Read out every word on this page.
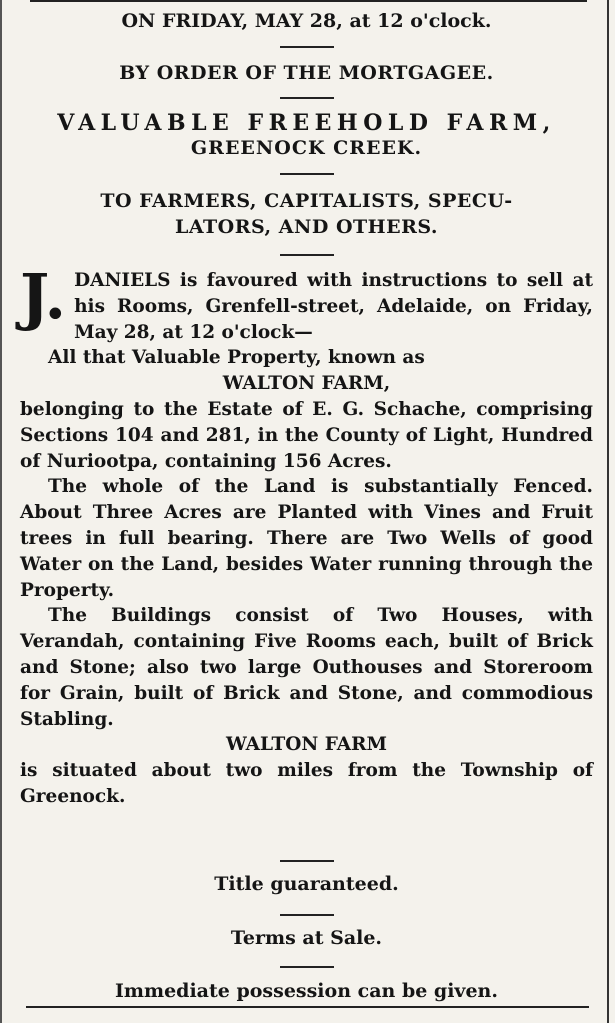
ON FRIDAY, MAY 28, at 12 o'clock.
BY ORDER OF THE MORTGAGEE.
VALUABLE FREEHOLD FARM,
GREENOCK CREEK.
TO FARMERS, CAPITALISTS, SPECU-
LATORS, AND OTHERS.

J. DANIELS is favoured with instructions to sell at his Rooms, Grenfell-street, Adelaide, on Friday, May 28, at 12 o'clock—

All that Valuable Property, known as

WALTON FARM,

belonging to the Estate of E. G. Schache, comprising Sections 104 and 281, in the County of Light, Hundred of Nuriootpa, containing 156 Acres.

The whole of the Land is substantially Fenced. About Three Acres are Planted with Vines and Fruit trees in full bearing. There are Two Wells of good Water on the Land, besides Water running through the Property.

The Buildings consist of Two Houses, with Verandah, containing Five Rooms each, built of Brick and Stone; also two large Outhouses and Storeroom for Grain, built of Brick and Stone, and commodious Stabling.

WALTON FARM

is situated about two miles from the Township of Greenock.

Title guaranteed.
Terms at Sale.
Immediate possession can be given.
